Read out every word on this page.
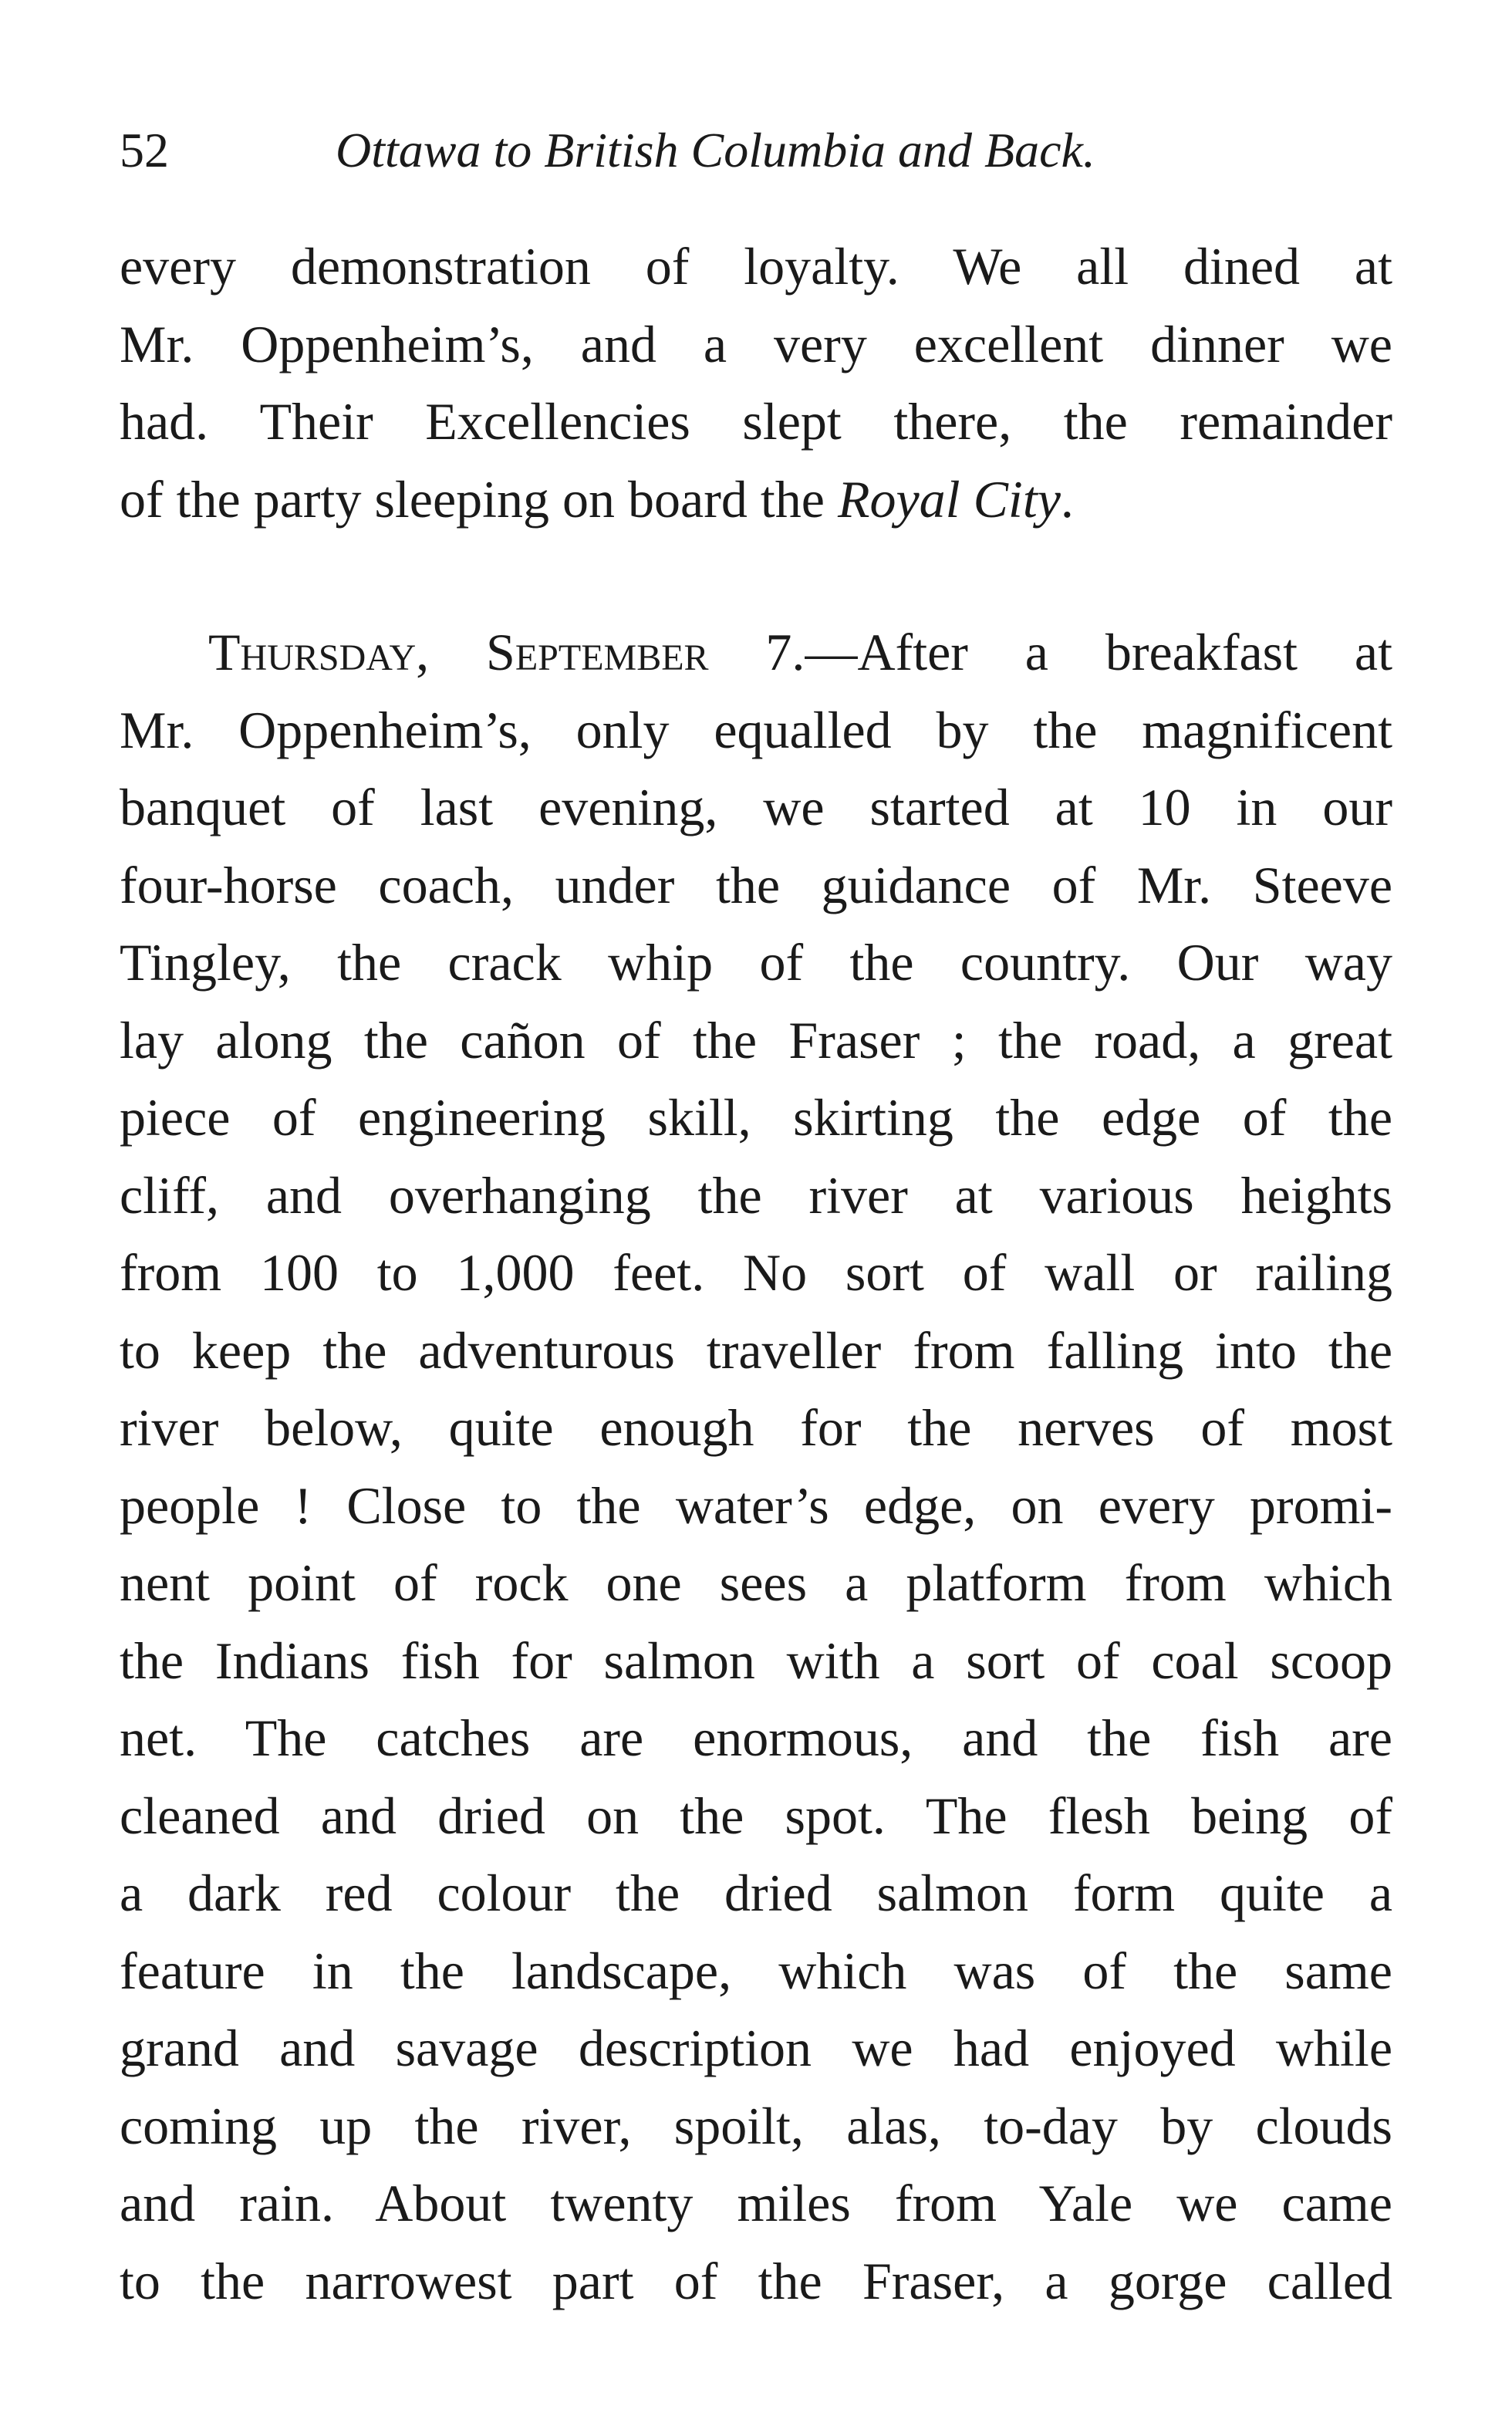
52	Ottawa to British Columbia and Back.
every demonstration of loyalty. We all dined at
Mr. Oppenheim’s, and a very excellent dinner we
had. Their Excellencies slept there, the remainder
of the party sleeping on board the Royal City.
Thursday, September 7.—After a breakfast at
Mr. Oppenheim’s, only equalled by the magnificent
banquet of last evening, we started at 10 in our
four-horse coach, under the guidance of Mr. Steeve
Tingley, the crack whip of the country. Our way
lay along the cañon of the Fraser ; the road, a great
piece of engineering skill, skirting the edge of the
cliff, and overhanging the river at various heights
from 100 to 1,000 feet. No sort of wall or railing
to keep the adventurous traveller from falling into the
river below, quite enough for the nerves of most
people ! Close to the water’s edge, on every promi-
nent point of rock one sees a platform from which
the Indians fish for salmon with a sort of coal scoop
net. The catches are enormous, and the fish are
cleaned and dried on the spot. The flesh being of
a dark red colour the dried salmon form quite a
feature in the landscape, which was of the same
grand and savage description we had enjoyed while
coming up the river, spoilt, alas, to-day by clouds
and rain. About twenty miles from Yale we came
to the narrowest part of the Fraser, a gorge called
